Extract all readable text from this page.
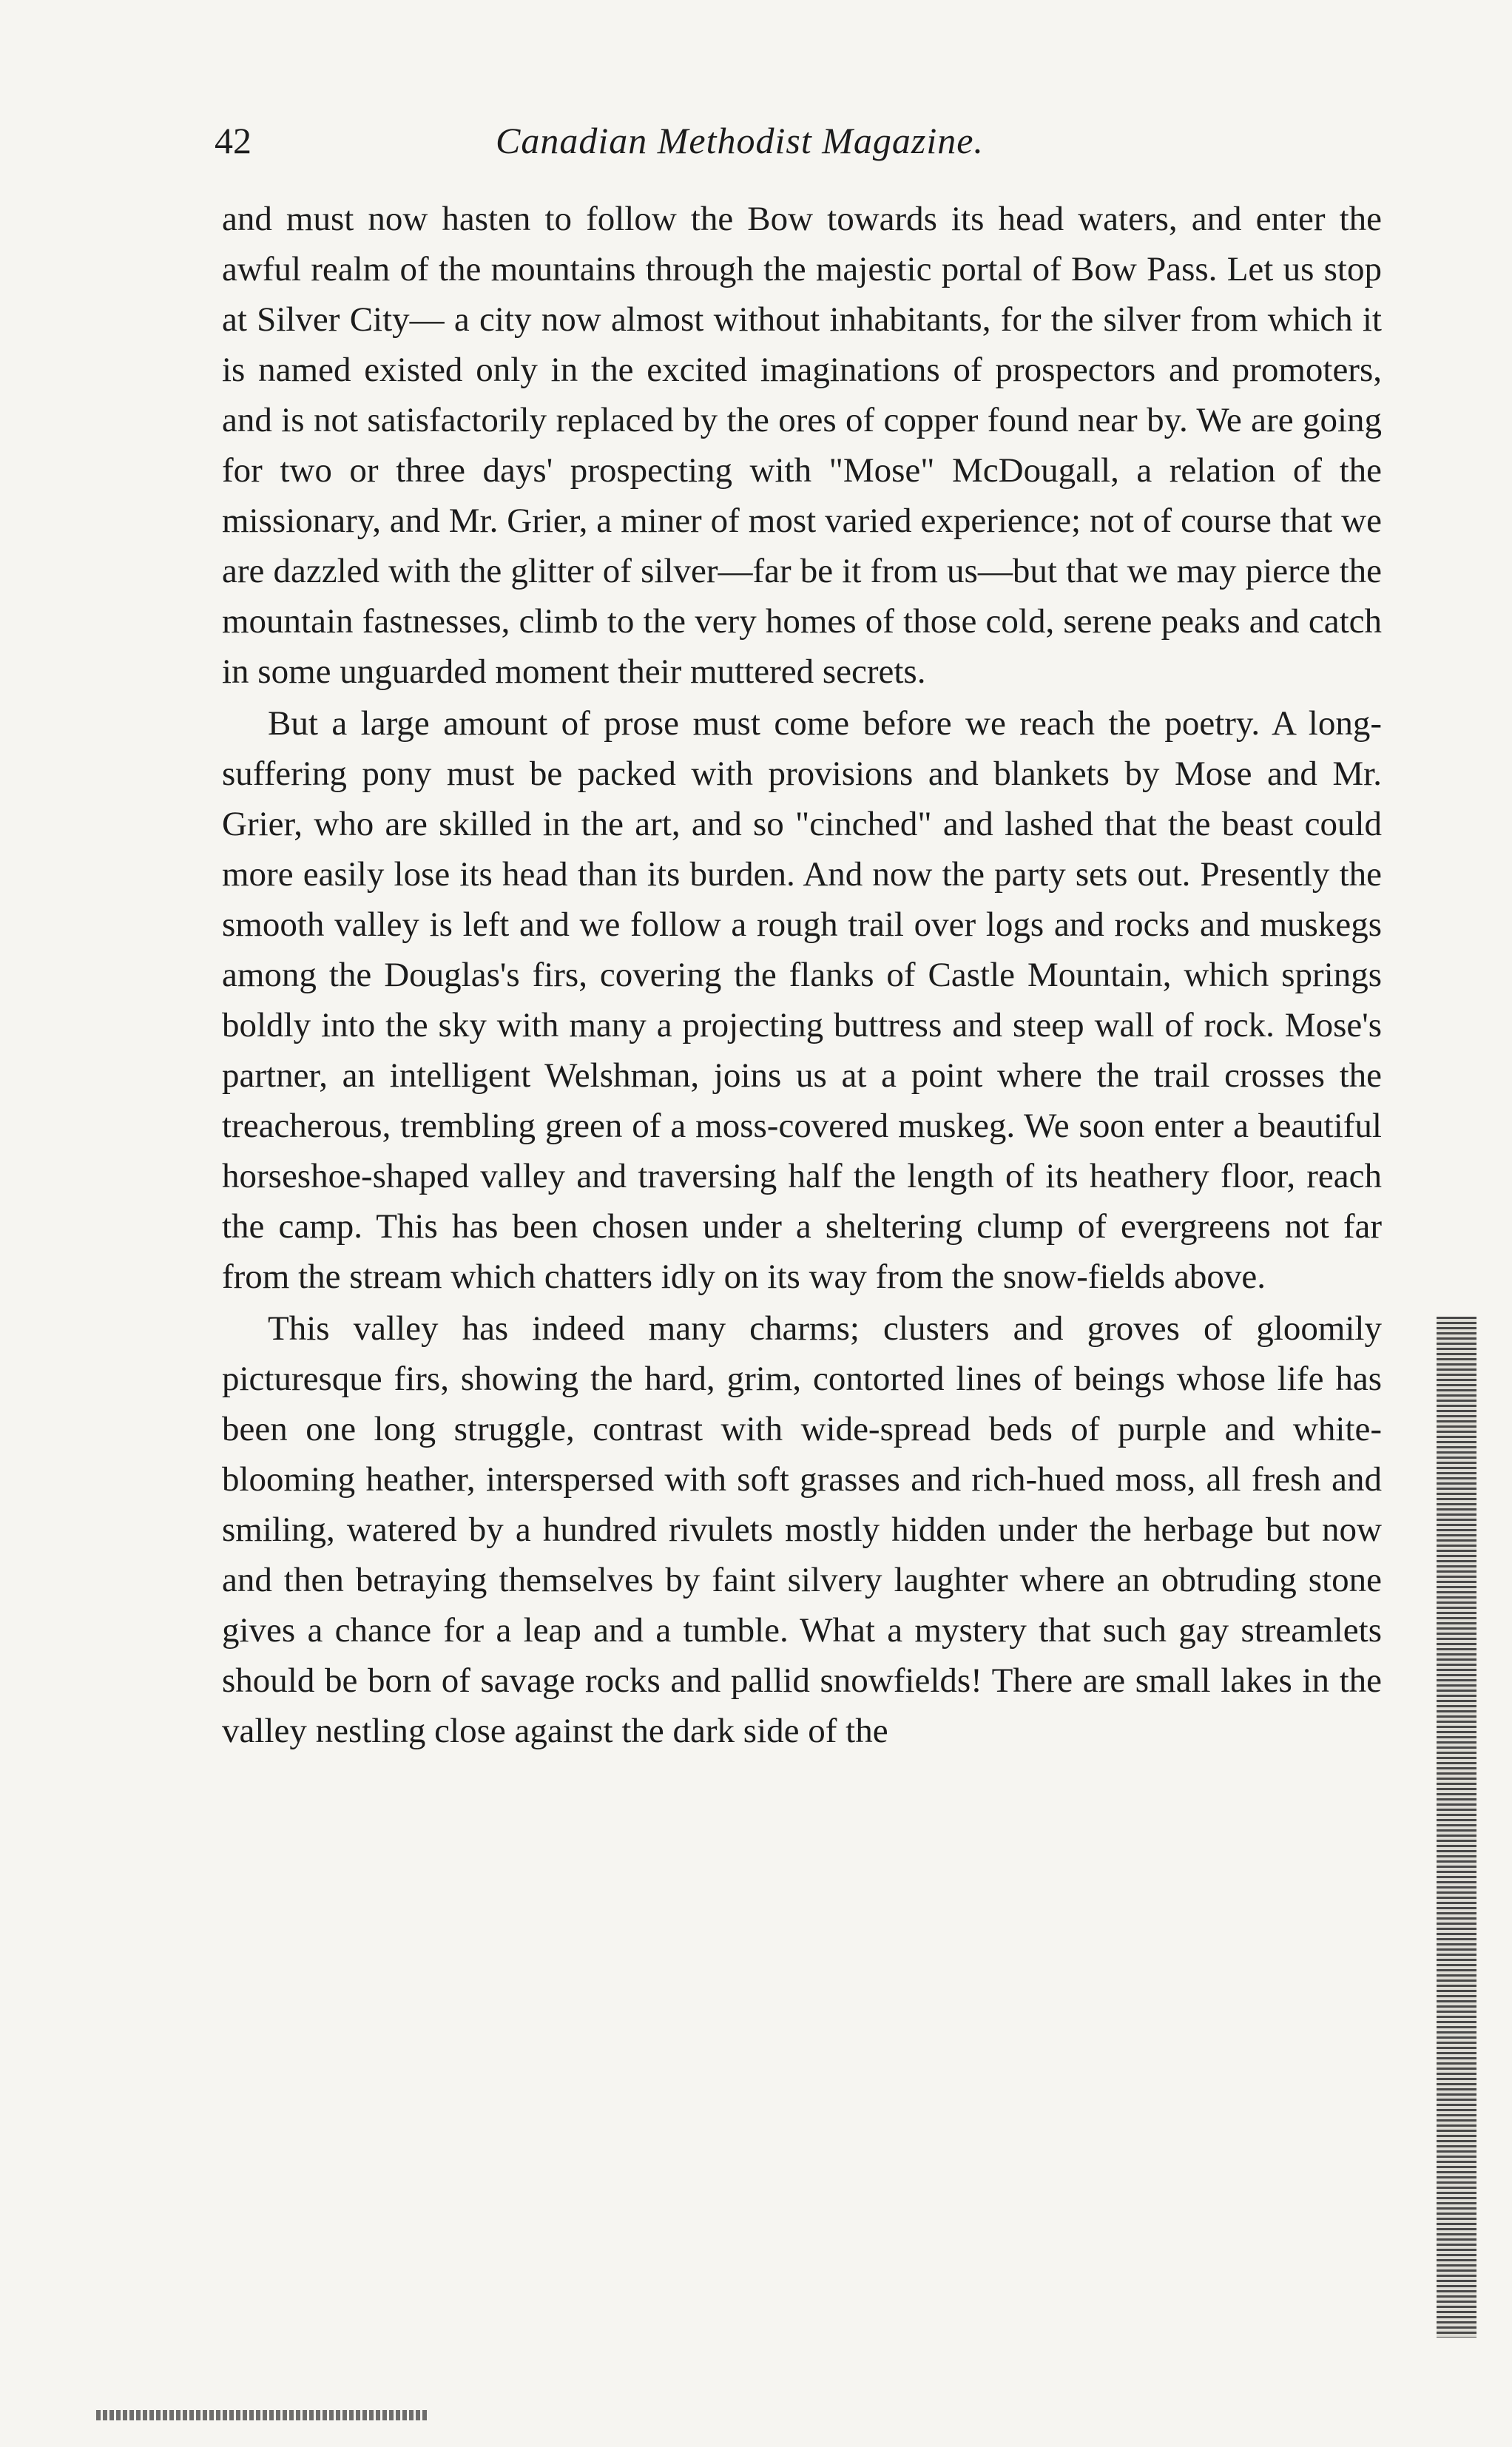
42	Canadian Methodist Magazine.

and must now hasten to follow the Bow towards its head waters, and enter the awful realm of the mountains through the majestic portal of Bow Pass. Let us stop at Silver City— a city now almost without inhabitants, for the silver from which it is named existed only in the excited imaginations of prospectors and promoters, and is not satisfactorily replaced by the ores of copper found near by. We are going for two or three days' prospecting with "Mose" McDougall, a relation of the missionary, and Mr. Grier, a miner of most varied experience; not of course that we are dazzled with the glitter of silver—far be it from us—but that we may pierce the mountain fastnesses, climb to the very homes of those cold, serene peaks and catch in some unguarded moment their muttered secrets.

But a large amount of prose must come before we reach the poetry. A long-suffering pony must be packed with provisions and blankets by Mose and Mr. Grier, who are skilled in the art, and so "cinched" and lashed that the beast could more easily lose its head than its burden. And now the party sets out. Presently the smooth valley is left and we follow a rough trail over logs and rocks and muskegs among the Douglas's firs, covering the flanks of Castle Mountain, which springs boldly into the sky with many a projecting buttress and steep wall of rock. Mose's partner, an intelligent Welshman, joins us at a point where the trail crosses the treacherous, trembling green of a moss-covered muskeg. We soon enter a beautiful horseshoe-shaped valley and traversing half the length of its heathery floor, reach the camp. This has been chosen under a sheltering clump of evergreens not far from the stream which chatters idly on its way from the snow-fields above.

This valley has indeed many charms; clusters and groves of gloomily picturesque firs, showing the hard, grim, contorted lines of beings whose life has been one long struggle, contrast with wide-spread beds of purple and white-blooming heather, interspersed with soft grasses and rich-hued moss, all fresh and smiling, watered by a hundred rivulets mostly hidden under the herbage but now and then betraying themselves by faint silvery laughter where an obtruding stone gives a chance for a leap and a tumble. What a mystery that such gay streamlets should be born of savage rocks and pallid snowfields! There are small lakes in the valley nestling close against the dark side of the
